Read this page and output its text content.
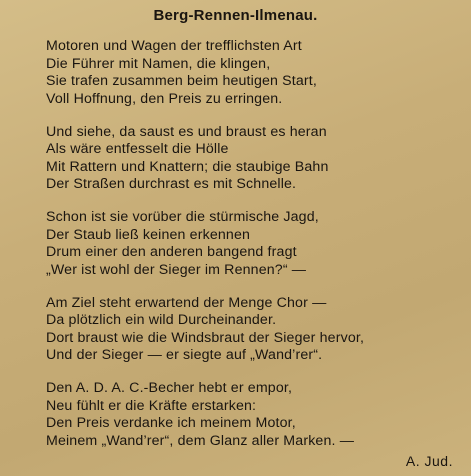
Berg-Rennen-Ilmenau.
Motoren und Wagen der trefflichsten Art
Die Führer mit Namen, die klingen,
Sie trafen zusammen beim heutigen Start,
Voll Hoffnung, den Preis zu erringen.
Und siehe, da saust es und braust es heran
Als wäre entfesselt die Hölle
Mit Rattern und Knattern; die staubige Bahn
Der Straßen durchrast es mit Schnelle.
Schon ist sie vorüber die stürmische Jagd,
Der Staub ließ keinen erkennen
Drum einer den anderen bangend fragt
„Wer ist wohl der Sieger im Rennen?“ —
Am Ziel steht erwartend der Menge Chor —
Da plötzlich ein wild Durcheinander.
Dort braust wie die Windsbraut der Sieger hervor,
Und der Sieger — er siegte auf „Wand’rer“.
Den A. D. A. C.-Becher hebt er empor,
Neu fühlt er die Kräfte erstarken:
Den Preis verdanke ich meinem Motor,
Meinem „Wand’rer“, dem Glanz aller Marken. —

A. Jud.
